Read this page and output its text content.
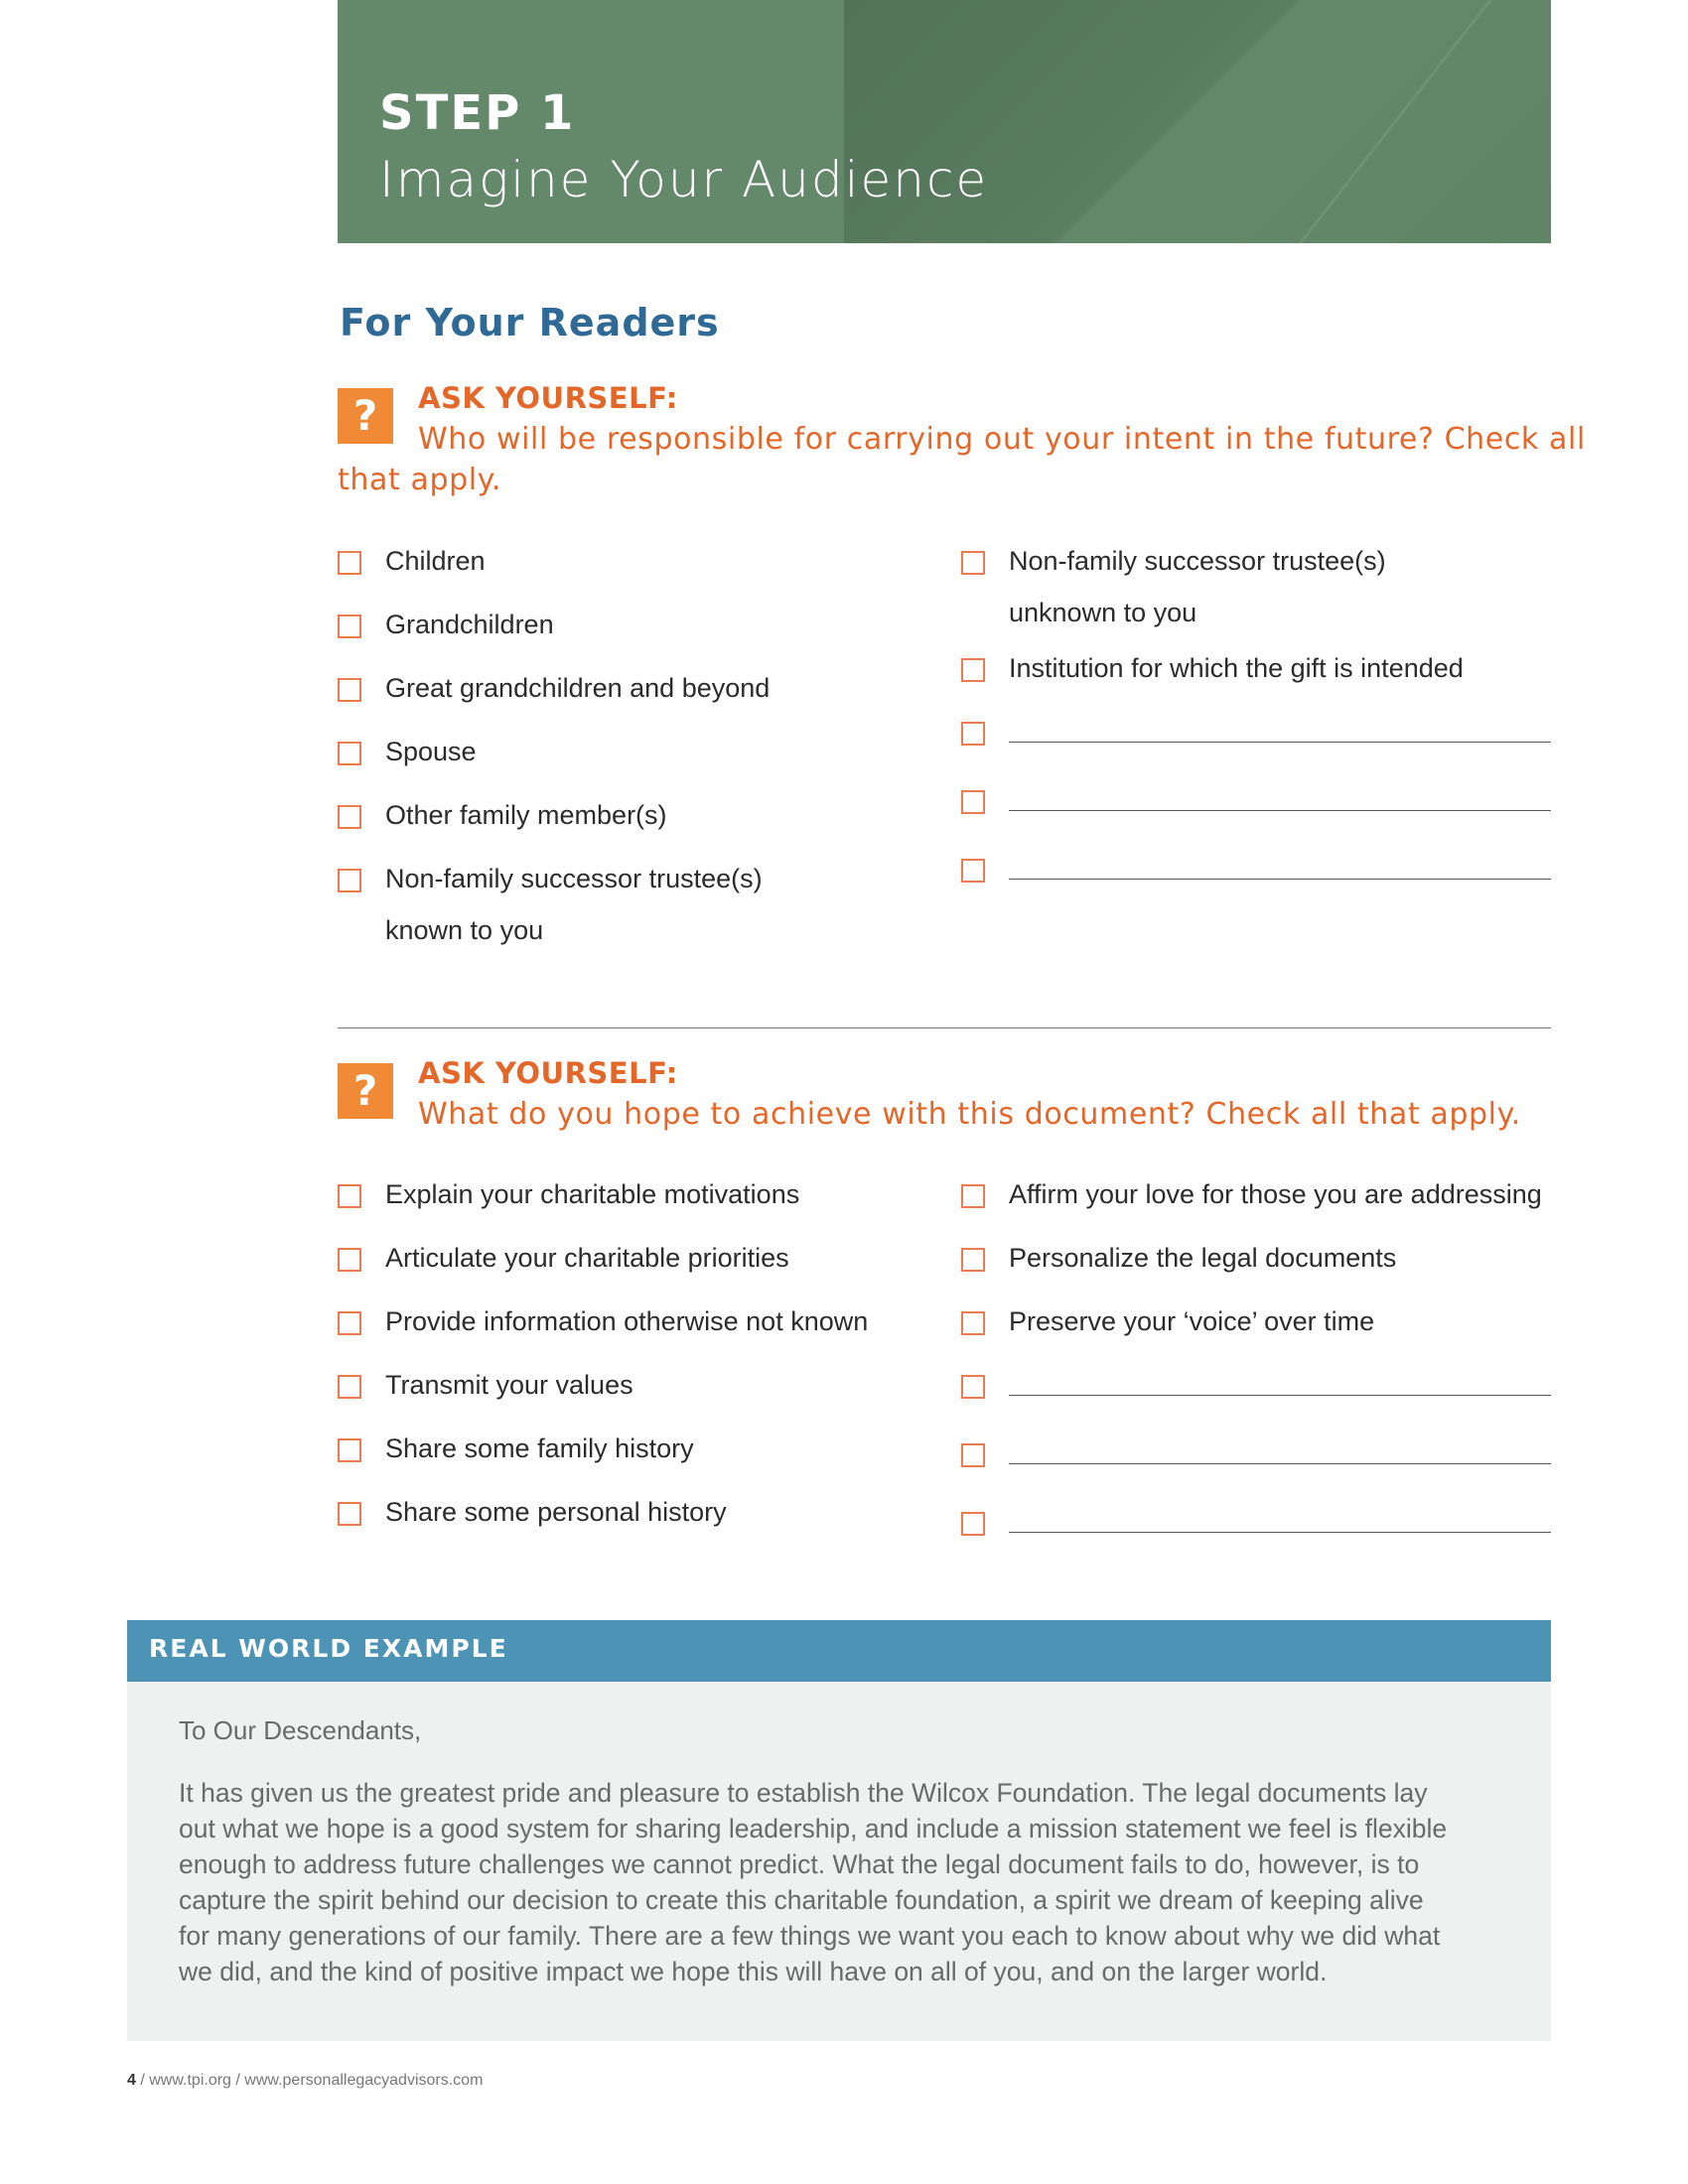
STEP 1
Imagine Your Audience
For Your Readers
?	ASK YOURSELF:
Who will be responsible for carrying out your intent in the future? Check all
that apply.
Children
Grandchildren
Great grandchildren and beyond
Spouse
Other family member(s)
Non-family successor trustee(s)
known to you
Non-family successor trustee(s)
unknown to you
Institution for which the gift is intended
?	ASK YOURSELF:
What do you hope to achieve with this document? Check all that apply.
Explain your charitable motivations
Articulate your charitable priorities
Provide information otherwise not known
Transmit your values
Share some family history
Share some personal history
Affirm your love for those you are addressing
Personalize the legal documents
Preserve your ‘voice’ over time
REAL WORLD EXAMPLE
To Our Descendants,
It has given us the greatest pride and pleasure to establish the Wilcox Foundation. The legal documents lay
out what we hope is a good system for sharing leadership, and include a mission statement we feel is flexible
enough to address future challenges we cannot predict. What the legal document fails to do, however, is to
capture the spirit behind our decision to create this charitable foundation, a spirit we dream of keeping alive
for many generations of our family. There are a few things we want you each to know about why we did what
we did, and the kind of positive impact we hope this will have on all of you, and on the larger world.
4 / www.tpi.org / www.personallegacyadvisors.com
